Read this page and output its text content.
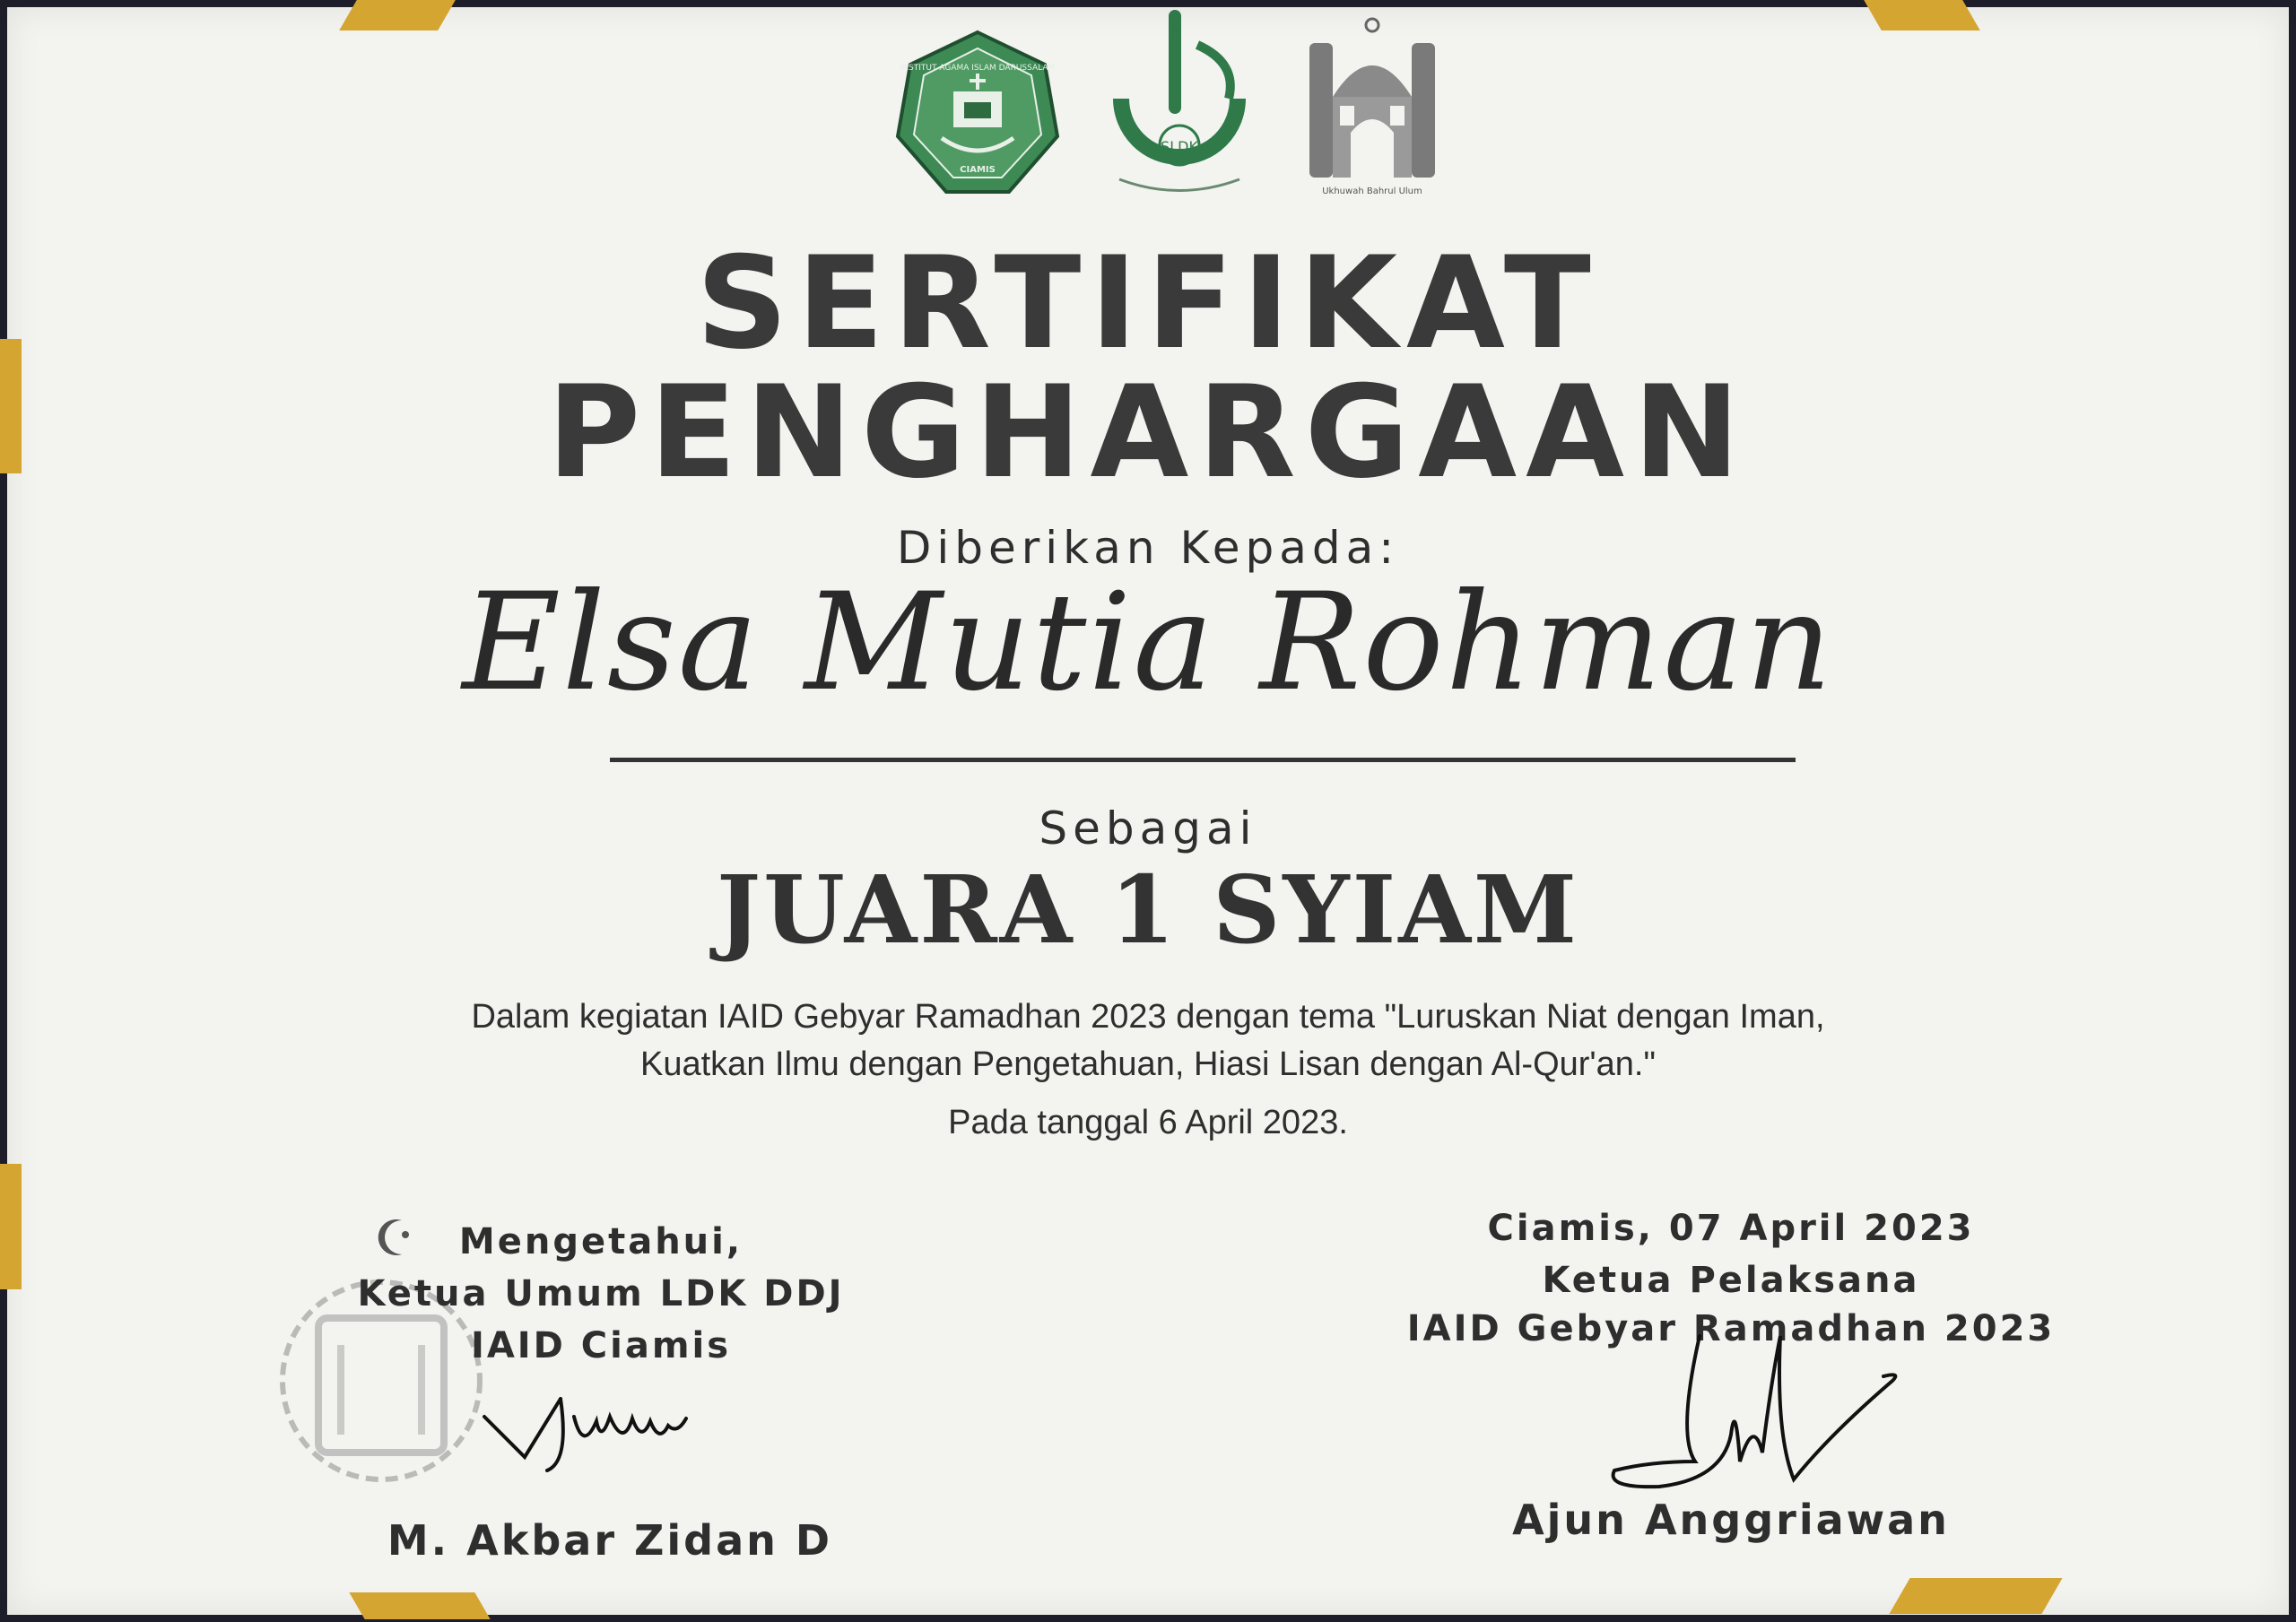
INSTITUT AGAMA ISLAM DARUSSALAM
CIAMIS
SLDK
Ukhuwah Bahrul Ulum
SERTIFIKAT
PENGHARGAAN
Diberikan Kepada:
Elsa Mutia Rohman
Sebagai
JUARA 1 SYIAM
Dalam kegiatan IAID Gebyar Ramadhan 2023 dengan tema "Luruskan Niat dengan Iman,
Kuatkan Ilmu dengan Pengetahuan, Hiasi Lisan dengan Al-Qur'an."
Pada tanggal 6 April 2023.
Mengetahui,
Ketua Umum LDK DDJ
IAID Ciamis
M. Akbar Zidan D
Ciamis, 07 April 2023
Ketua Pelaksana
IAID Gebyar Ramadhan 2023
Ajun Anggriawan
